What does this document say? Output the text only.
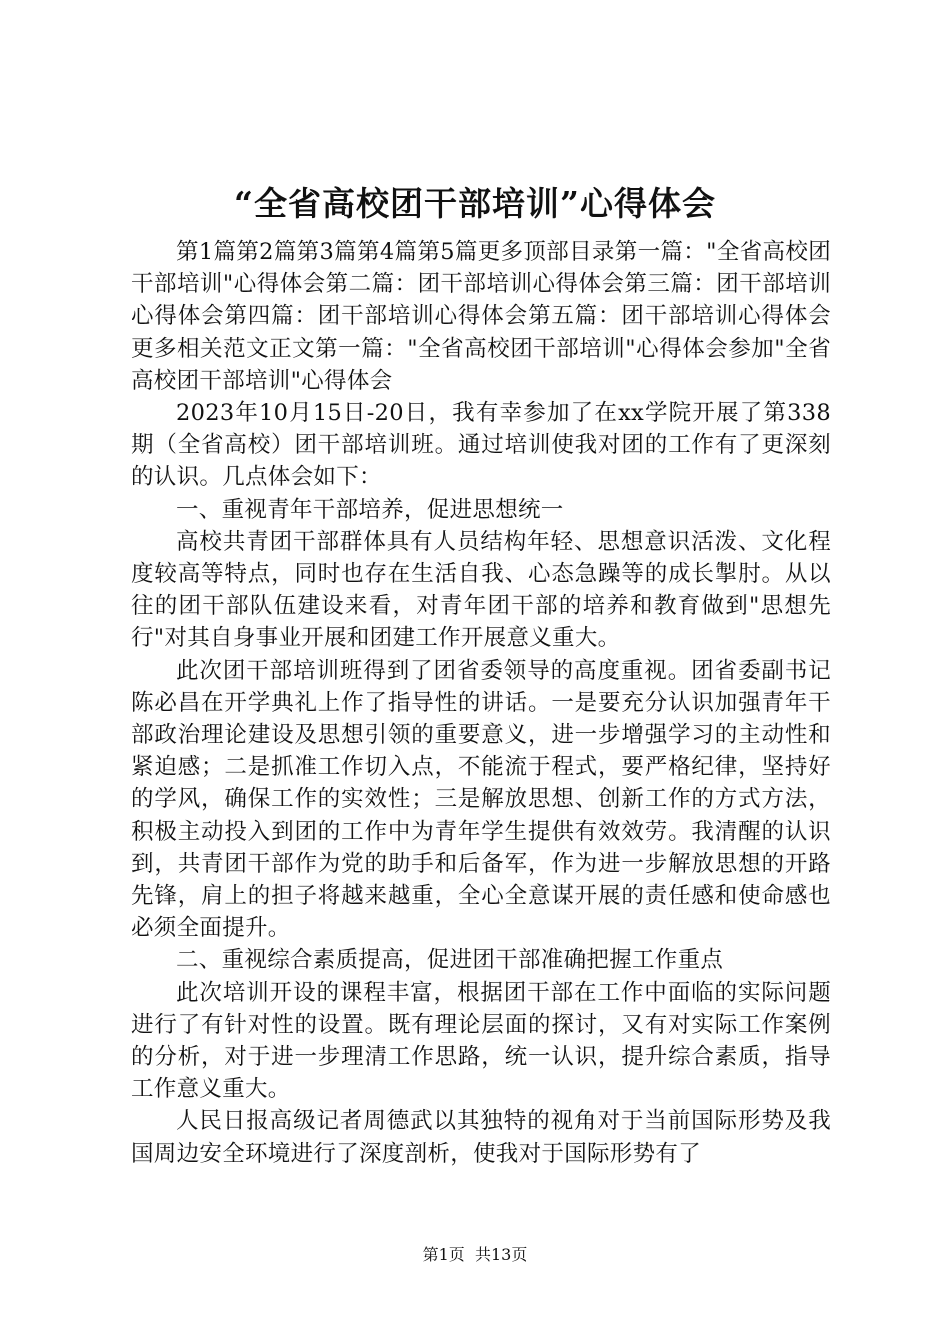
“全省高校团干部培训”心得体会

第1篇第2篇第3篇第4篇第5篇更多顶部目录第一篇："全省高校团干部培训"心得体会第二篇：团干部培训心得体会第三篇：团干部培训心得体会第四篇：团干部培训心得体会第五篇：团干部培训心得体会更多相关范文正文第一篇："全省高校团干部培训"心得体会参加"全省高校团干部培训"心得体会

2023年10月15日-20日，我有幸参加了在xx学院开展了第338期（全省高校）团干部培训班。通过培训使我对团的工作有了更深刻的认识。几点体会如下：

一、重视青年干部培养，促进思想统一

高校共青团干部群体具有人员结构年轻、思想意识活泼、文化程度较高等特点，同时也存在生活自我、心态急躁等的成长掣肘。从以往的团干部队伍建设来看，对青年团干部的培养和教育做到"思想先行"对其自身事业开展和团建工作开展意义重大。

此次团干部培训班得到了团省委领导的高度重视。团省委副书记陈必昌在开学典礼上作了指导性的讲话。一是要充分认识加强青年干部政治理论建设及思想引领的重要意义，进一步增强学习的主动性和紧迫感；二是抓准工作切入点，不能流于程式，要严格纪律，坚持好的学风，确保工作的实效性；三是解放思想、创新工作的方式方法，积极主动投入到团的工作中为青年学生提供有效效劳。我清醒的认识到，共青团干部作为党的助手和后备军，作为进一步解放思想的开路先锋，肩上的担子将越来越重，全心全意谋开展的责任感和使命感也必须全面提升。

二、重视综合素质提高，促进团干部准确把握工作重点

此次培训开设的课程丰富，根据团干部在工作中面临的实际问题进行了有针对性的设置。既有理论层面的探讨，又有对实际工作案例的分析，对于进一步理清工作思路，统一认识，提升综合素质，指导工作意义重大。

人民日报高级记者周德武以其独特的视角对于当前国际形势及我国周边安全环境进行了深度剖析，使我对于国际形势有了

第1页 共13页
